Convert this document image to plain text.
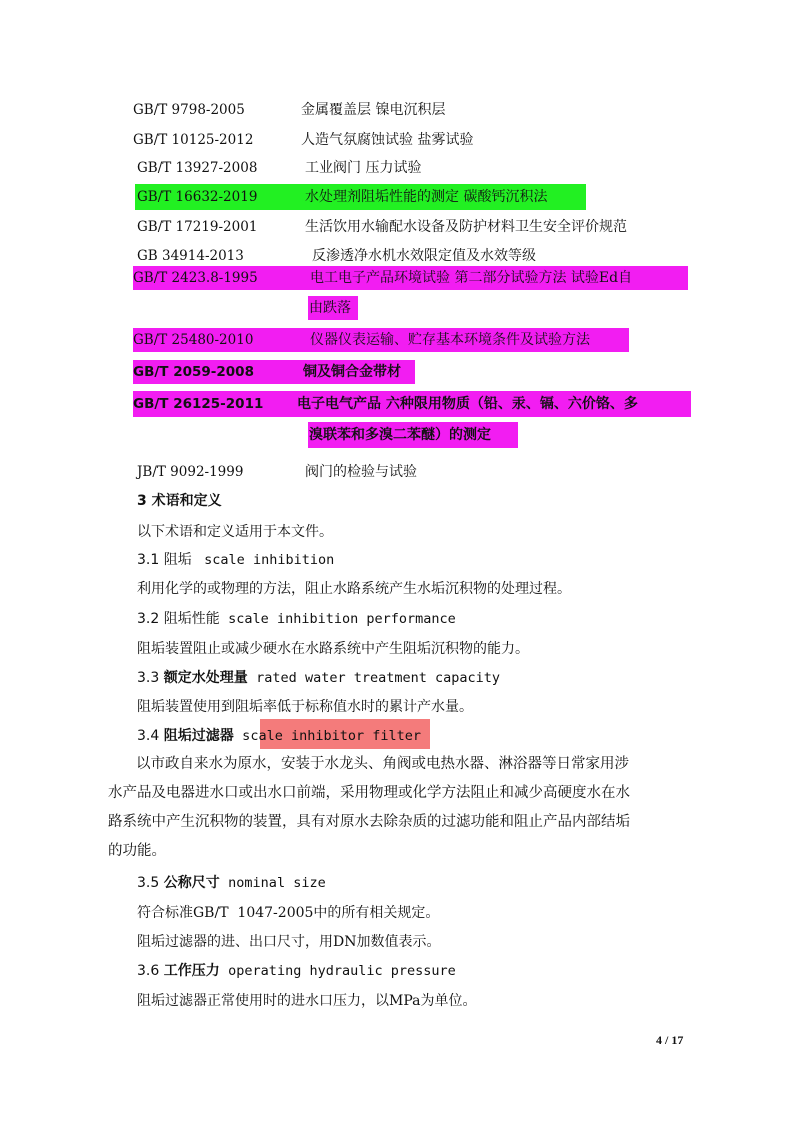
GB/T 9798-2005	金属覆盖层 镍电沉积层
GB/T 10125-2012	人造气氛腐蚀试验 盐雾试验
GB/T 13927-2008	工业阀门 压力试验
GB/T 16632-2019	水处理剂阻垢性能的测定 碳酸钙沉积法
GB/T 17219-2001	生活饮用水输配水设备及防护材料卫生安全评价规范
GB 34914-2013	反渗透净水机水效限定值及水效等级
GB/T 2423.8-1995	电工电子产品环境试验 第二部分试验方法 试验Ed自
由跌落
GB/T 25480-2010	仪器仪表运输、贮存基本环境条件及试验方法
GB/T 2059-2008	铜及铜合金带材
GB/T 26125-2011 电子电气产品 六种限用物质（铅、汞、镉、六价铬、多
溴联苯和多溴二苯醚）的测定
JB/T 9092-1999	阀门的检验与试验
3 术语和定义
以下术语和定义适用于本文件。
3.1 阻垢 scale inhibition
利用化学的或物理的方法，阻止水路系统产生水垢沉积物的处理过程。
3.2 阻垢性能 scale inhibition performance
阻垢装置阻止或减少硬水在水路系统中产生阻垢沉积物的能力。
3.3 额定水处理量 rated water treatment capacity
阻垢装置使用到阻垢率低于标称值水时的累计产水量。
3.4 阻垢过滤器 scale inhibitor filter
以市政自来水为原水，安装于水龙头、角阀或电热水器、淋浴器等日常家用涉
水产品及电器进水口或出水口前端，采用物理或化学方法阻止和减少高硬度水在水
路系统中产生沉积物的装置，具有对原水去除杂质的过滤功能和阻止产品内部结垢
的功能。
3.5 公称尺寸 nominal size
符合标准GB/T  1047-2005中的所有相关规定。
阻垢过滤器的进、出口尺寸，用DN加数值表示。
3.6 工作压力 operating hydraulic pressure
阻垢过滤器正常使用时的进水口压力，以MPa为单位。
4 / 17
